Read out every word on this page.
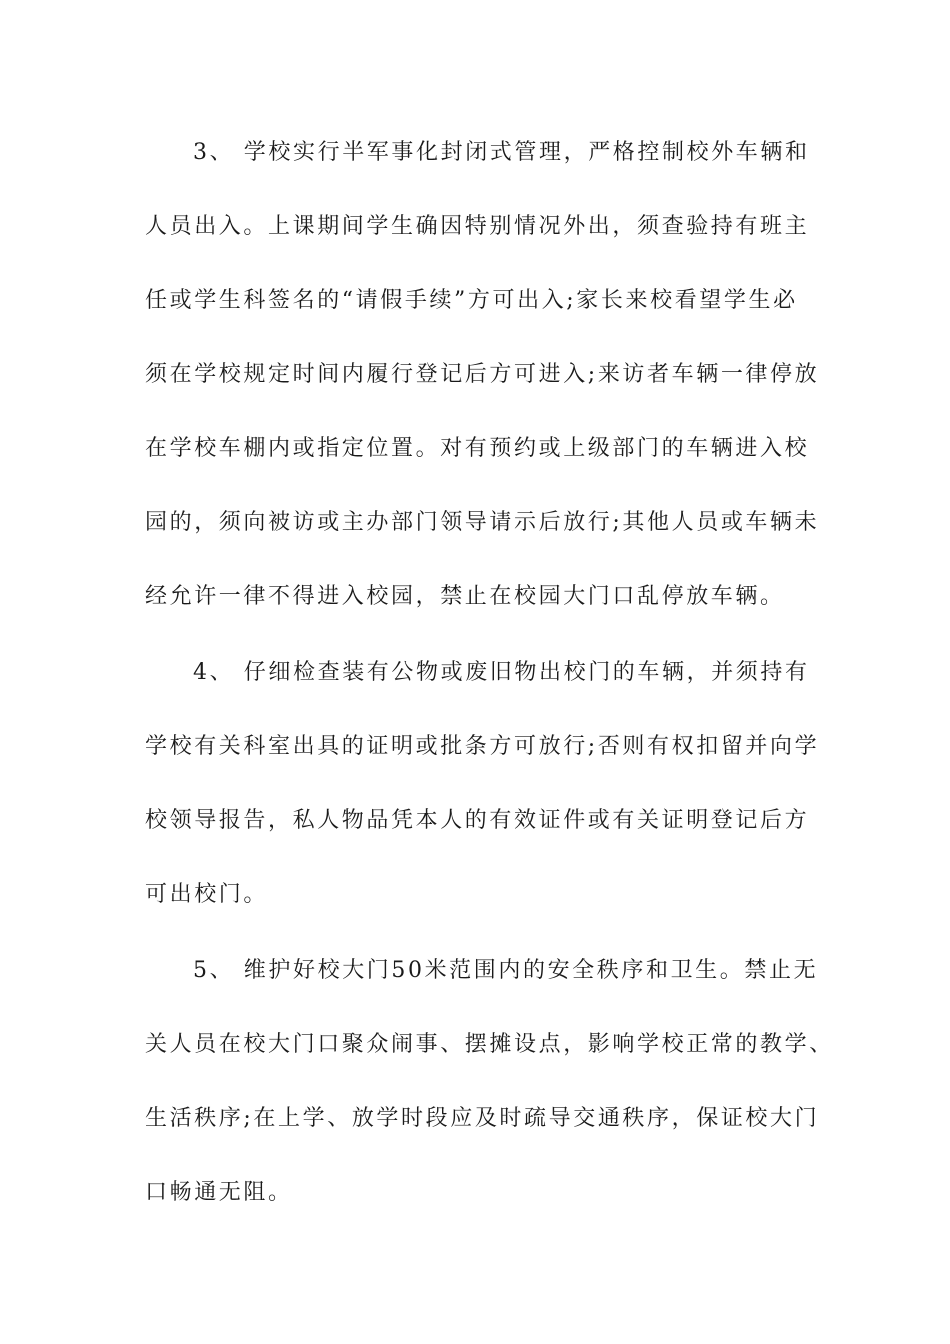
3、 学校实行半军事化封闭式管理，严格控制校外车辆和
人员出入。上课期间学生确因特别情况外出，须查验持有班主
任或学生科签名的“请假手续”方可出入;家长来校看望学生必
须在学校规定时间内履行登记后方可进入;来访者车辆一律停放
在学校车棚内或指定位置。对有预约或上级部门的车辆进入校
园的，须向被访或主办部门领导请示后放行;其他人员或车辆未
经允许一律不得进入校园，禁止在校园大门口乱停放车辆。
4、 仔细检查装有公物或废旧物出校门的车辆，并须持有
学校有关科室出具的证明或批条方可放行;否则有权扣留并向学
校领导报告，私人物品凭本人的有效证件或有关证明登记后方
可出校门。
5、 维护好校大门50米范围内的安全秩序和卫生。禁止无
关人员在校大门口聚众闹事、摆摊设点，影响学校正常的教学、
生活秩序;在上学、放学时段应及时疏导交通秩序，保证校大门
口畅通无阻。
